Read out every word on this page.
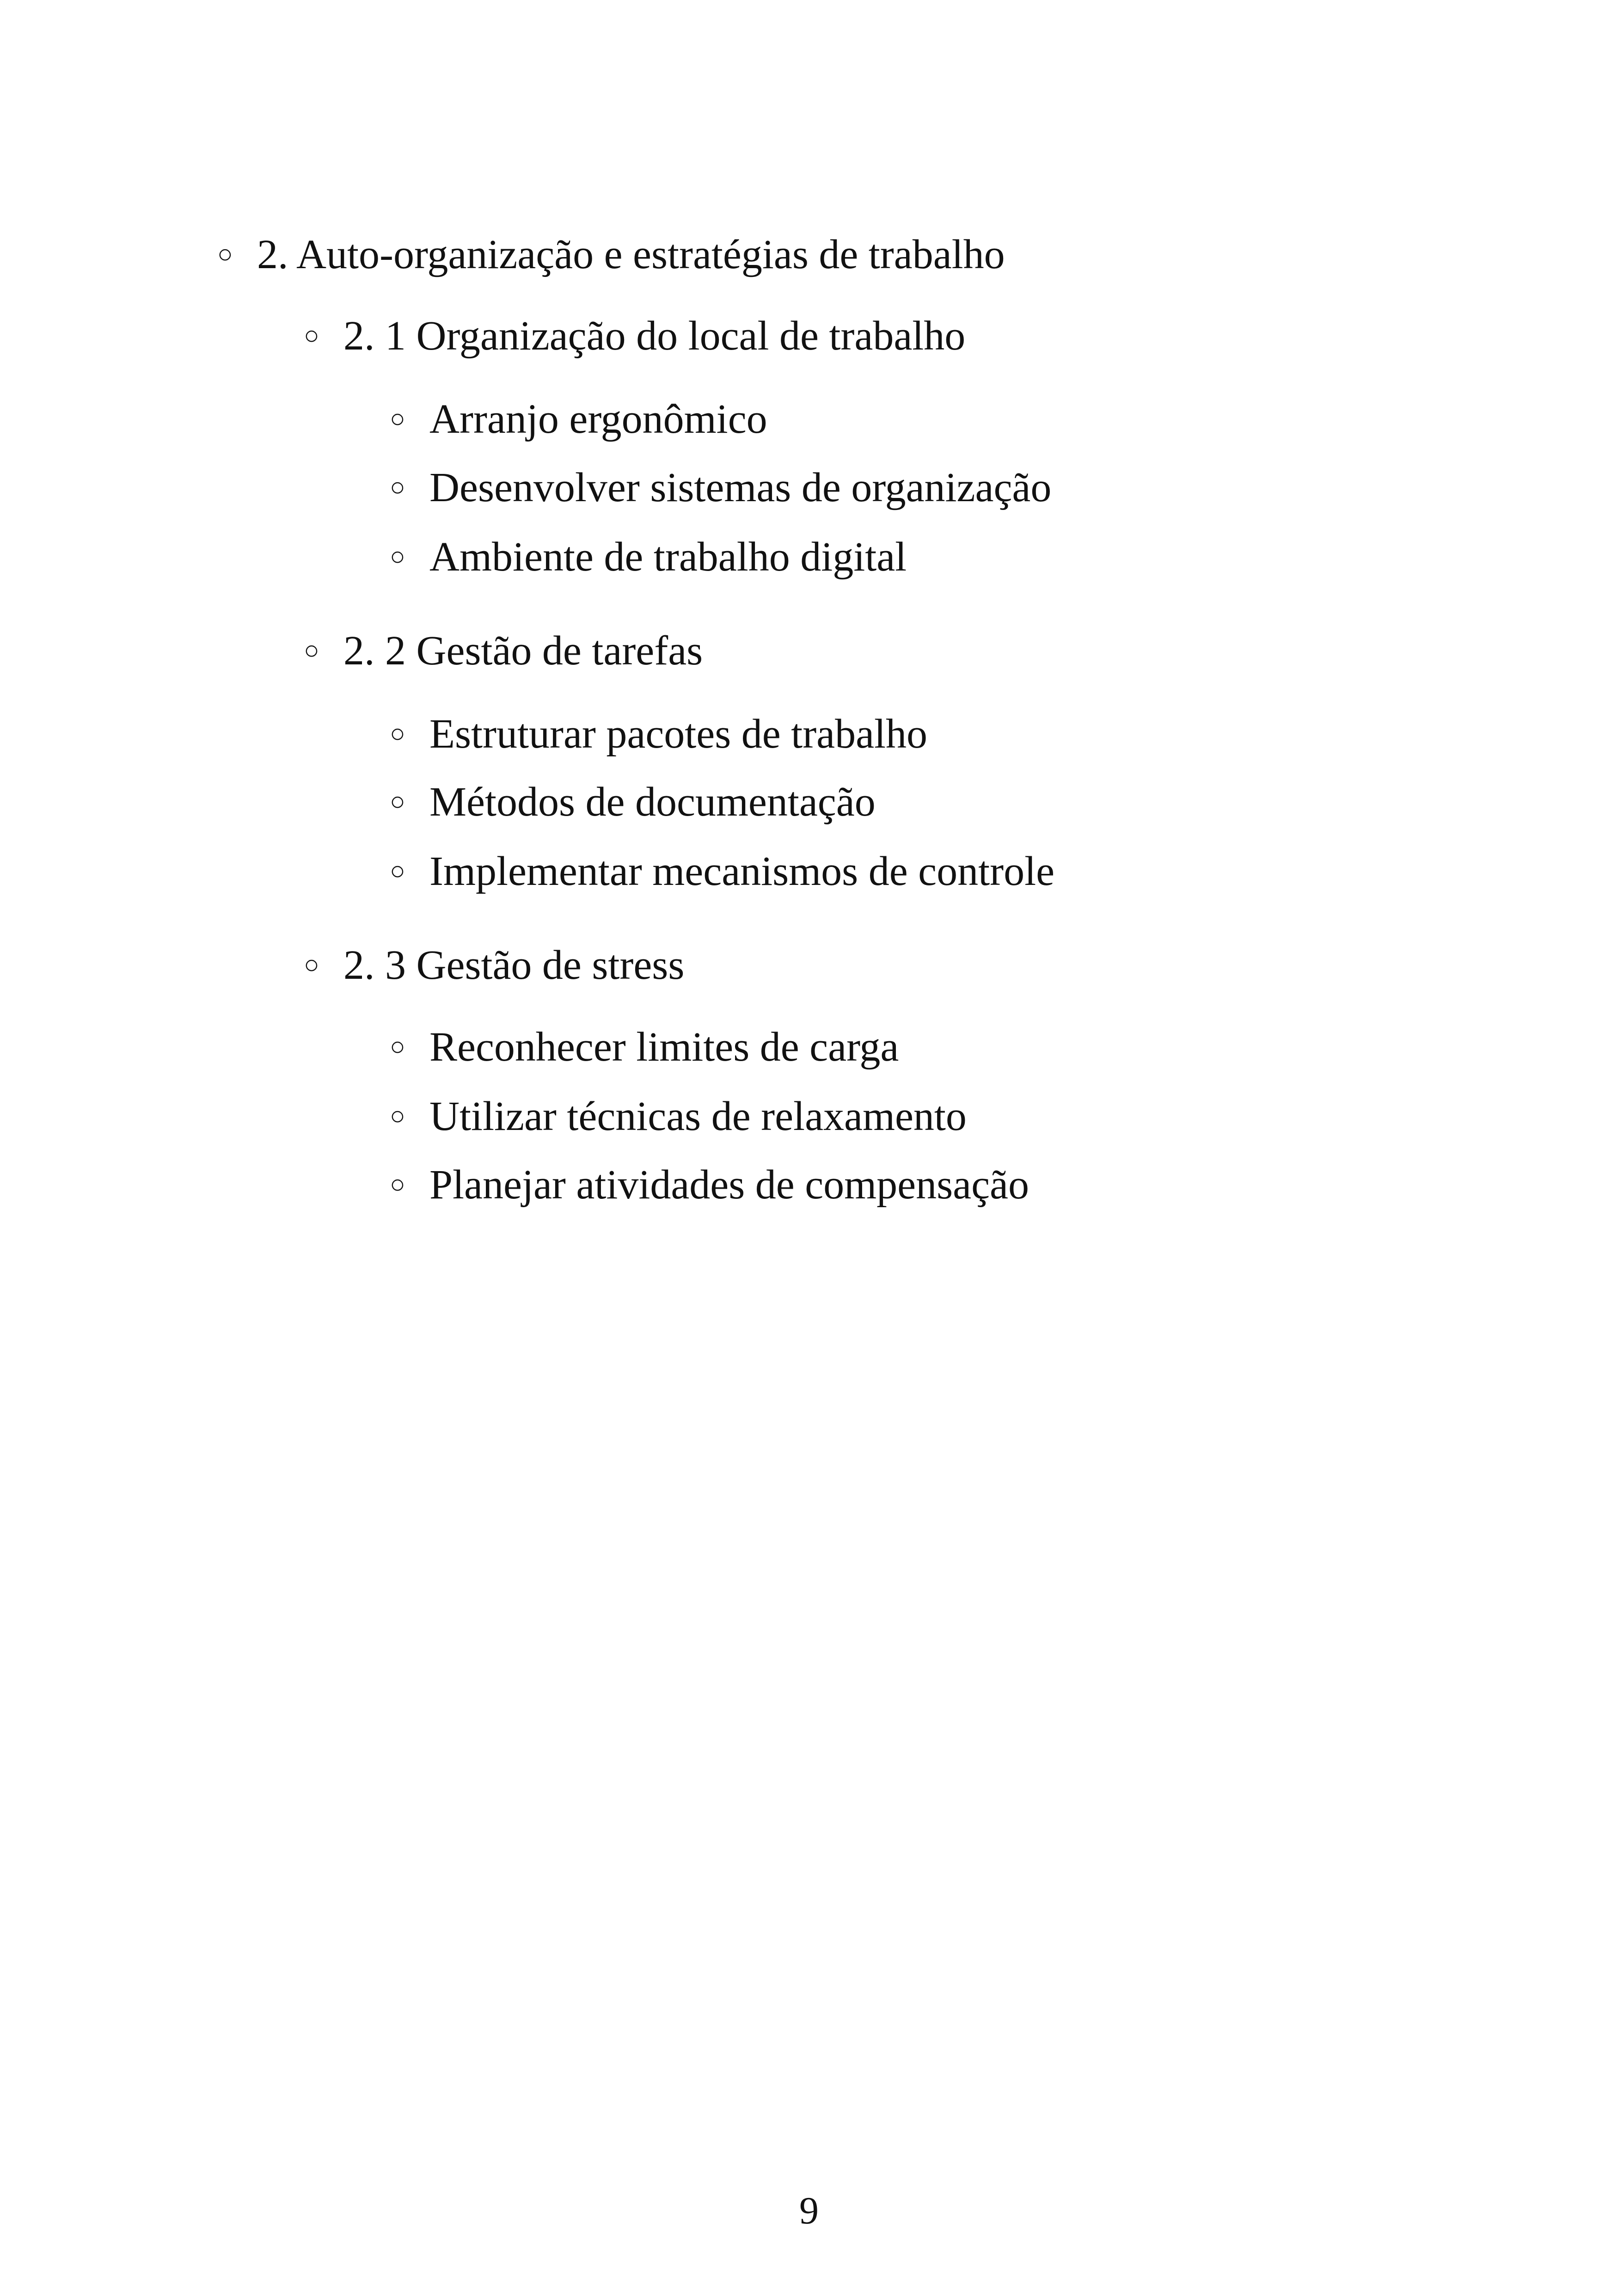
○ 2. Auto-organização e estratégias de trabalho
○ 2. 1 Organização do local de trabalho
○ Arranjo ergonômico
○ Desenvolver sistemas de organização
○ Ambiente de trabalho digital
○ 2. 2 Gestão de tarefas
○ Estruturar pacotes de trabalho
○ Métodos de documentação
○ Implementar mecanismos de controle
○ 2. 3 Gestão de stress
○ Reconhecer limites de carga
○ Utilizar técnicas de relaxamento
○ Planejar atividades de compensação
9
